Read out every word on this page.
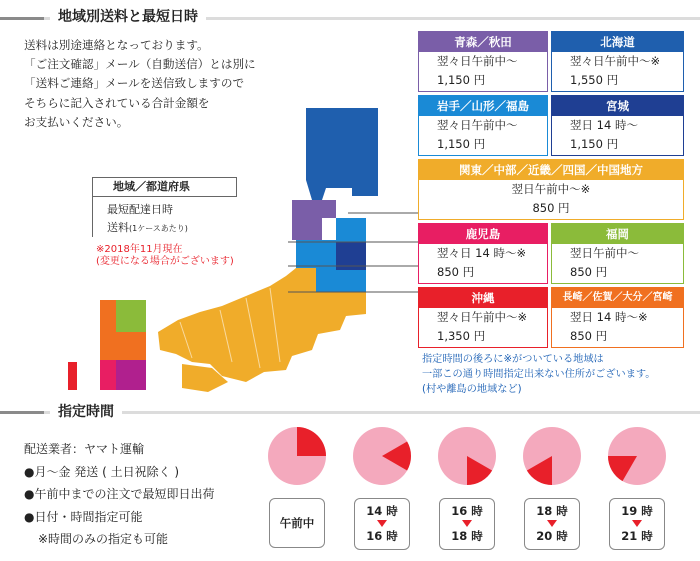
地域別送料と最短日時
送料は別途連絡となっております。
「ご注文確認」メール（自動送信）とは別に
「送料ご連絡」メールを送信致しますので
そちらに記入されている合計金額を
お支払いください。
地域／都道府県
最短配達日時
送料(1ケースあたり)
※2018年11月現在
(変更になる場合がございます)
青森／秋田
翌々日午前中～
1,150 円
北海道
翌々日午前中～※
1,550 円
岩手／山形／福島
翌々日午前中～
1,150 円
宮城
翌日 14 時～
1,150 円
関東／中部／近畿／四国／中国地方
翌日午前中～※
850 円
鹿児島
翌々日 14 時～※
850 円
福岡
翌日午前中～
850 円
沖縄
翌々日午前中～※
1,350 円
長崎／佐賀／大分／宮崎
翌日 14 時～※
850 円
指定時間の後ろに※がついている地域は
一部この通り時間指定出来ない住所がございます。
(村や離島の地域など)
指定時間
配送業者：ヤマト運輸
●月～金 発送 ( 土日祝除く )
●午前中までの注文で最短即日出荷
●日付・時間指定可能
※時間のみの指定も可能
午前中
14 時
16 時
16 時
18 時
18 時
20 時
19 時
21 時
